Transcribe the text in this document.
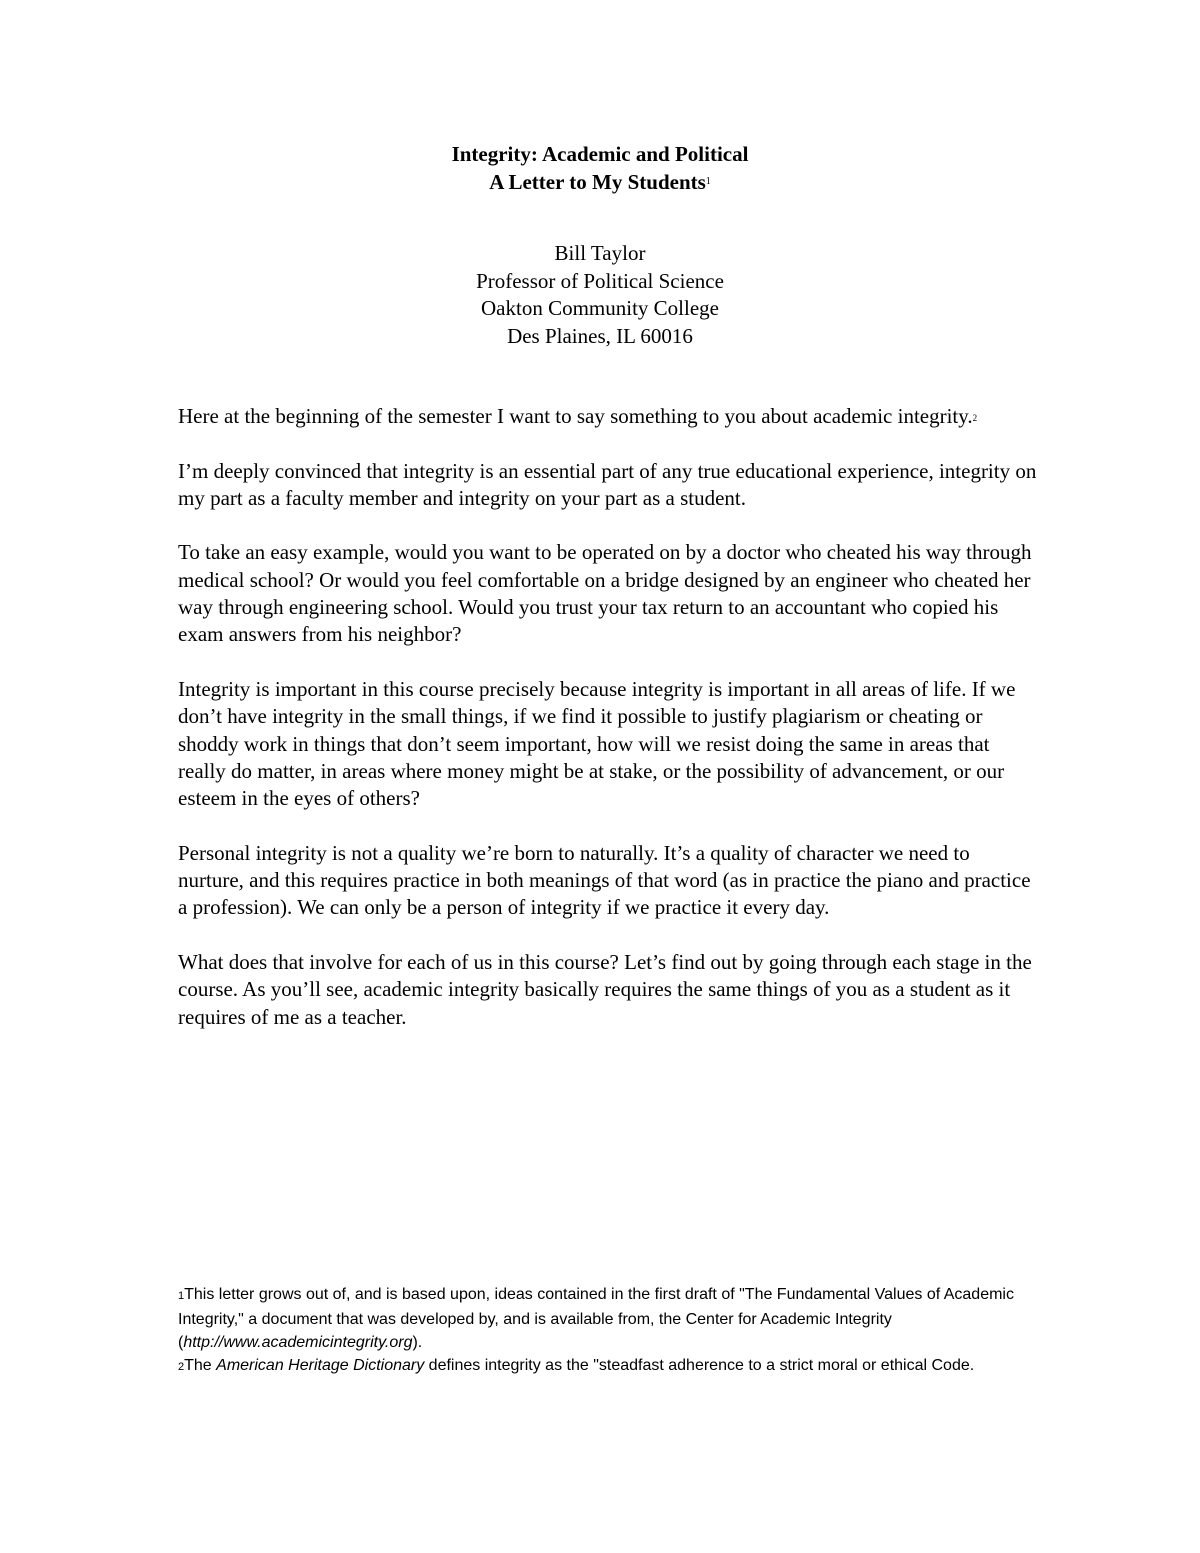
Integrity: Academic and Political
A Letter to My Students$^1$
Bill Taylor
Professor of Political Science
Oakton Community College
Des Plaines, IL 60016

Here at the beginning of the semester I want to say something to you about academic integrity.$^2$

I’m deeply convinced that integrity is an essential part of any true educational experience, integrity on my part as a faculty member and integrity on your part as a student.

To take an easy example, would you want to be operated on by a doctor who cheated his way through medical school? Or would you feel comfortable on a bridge designed by an engineer who cheated her way through engineering school. Would you trust your tax return to an accountant who copied his exam answers from his neighbor?

Integrity is important in this course precisely because integrity is important in all areas of life. If we don’t have integrity in the small things, if we find it possible to justify plagiarism or cheating or shoddy work in things that don’t seem important, how will we resist doing the same in areas that really do matter, in areas where money might be at stake, or the possibility of advancement, or our esteem in the eyes of others?

Personal integrity is not a quality we’re born to naturally. It’s a quality of character we need to nurture, and this requires practice in both meanings of that word (as in practice the piano and practice a profession). We can only be a person of integrity if we practice it every day.

What does that involve for each of us in this course? Let’s find out by going through each stage in the course. As you’ll see, academic integrity basically requires the same things of you as a student as it requires of me as a teacher.

1This letter grows out of, and is based upon, ideas contained in the first draft of "The Fundamental Values of Academic Integrity," a document that was developed by, and is available from, the Center for Academic Integrity (http://www.academicintegrity.org).

2The American Heritage Dictionary defines integrity as the "steadfast adherence to a strict moral or ethical Code.
